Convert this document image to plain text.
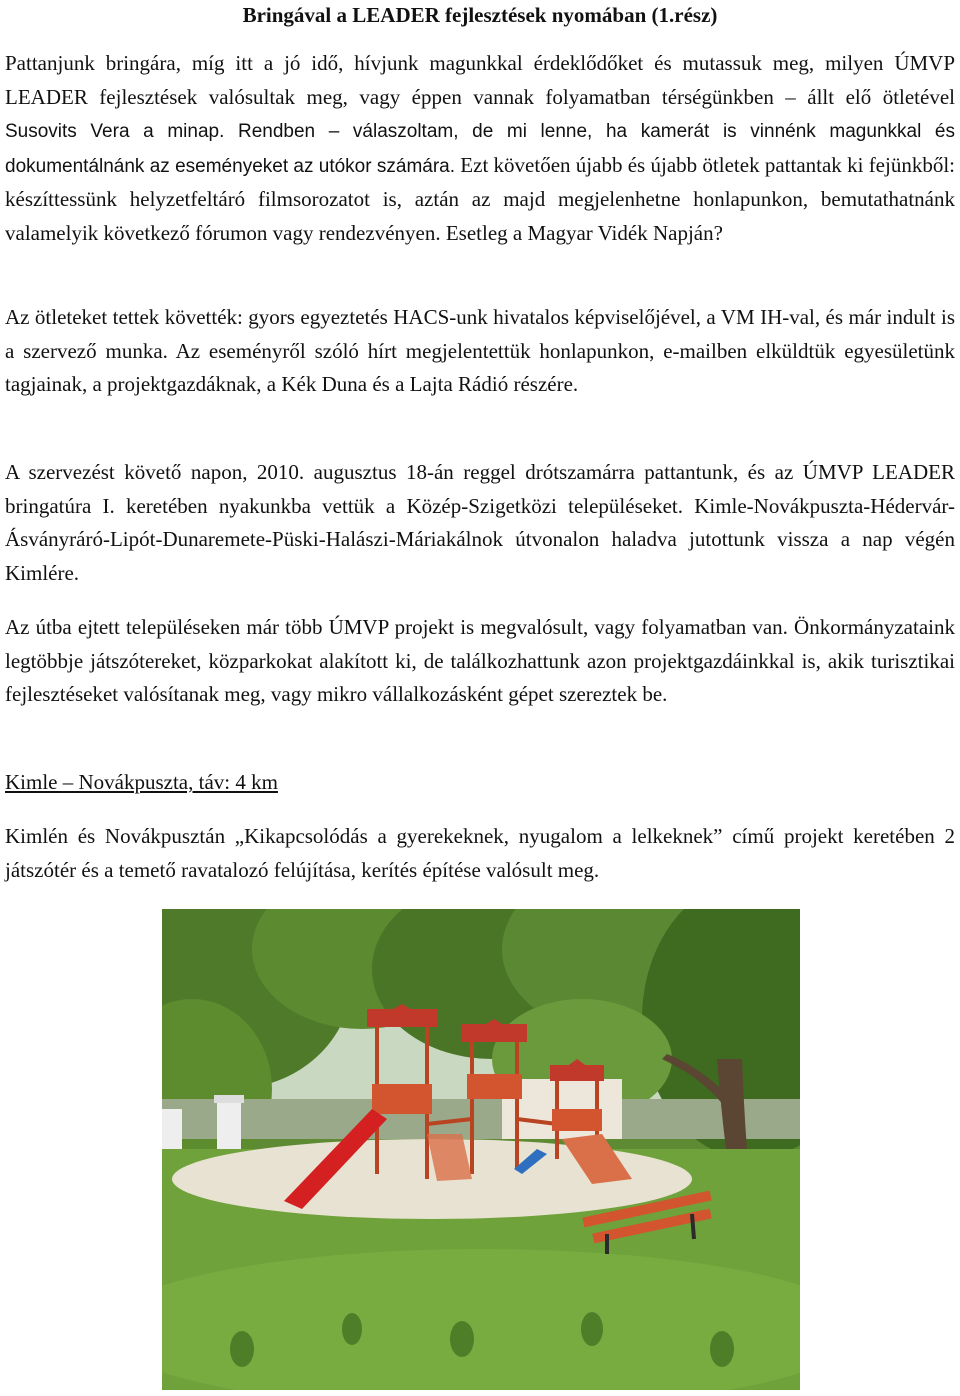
Bringával a LEADER fejlesztések nyomában (1.rész)

Pattanjunk bringára, míg itt a jó idő, hívjunk magunkkal érdeklődőket és mutassuk meg, milyen ÚMVP LEADER fejlesztések valósultak meg, vagy éppen vannak folyamatban térségünkben – állt elő ötletével Susovits Vera a minap. Rendben – válaszoltam, de mi lenne, ha kamerát is vinnénk magunkkal és dokumentálnánk az eseményeket az utókor számára. Ezt követően újabb és újabb ötletek pattantak ki fejünkből: készíttessünk helyzetfeltáró filmsorozatot is, aztán az majd megjelenhetne honlapunkon, bemutathatnánk valamelyik következő fórumon vagy rendezvényen. Esetleg a Magyar Vidék Napján?

Az ötleteket tettek követték: gyors egyeztetés HACS-unk hivatalos képviselőjével, a VM IH-val, és már indult is a szervező munka. Az eseményről szóló hírt megjelentettük honlapunkon, e-mailben elküldtük egyesületünk tagjainak, a projektgazdáknak, a Kék Duna és a Lajta Rádió részére.

A szervezést követő napon, 2010. augusztus 18-án reggel drótszamárra pattantunk, és az ÚMVP LEADER bringatúra I. keretében nyakunkba vettük a Közép-Szigetközi településeket. Kimle-Novákpuszta-Hédervár-Ásványráró-Lipót-Dunaremete-Püski-Halászi-Máriakálnok útvonalon haladva jutottunk vissza a nap végén Kimlére.

Az útba ejtett településeken már több ÚMVP projekt is megvalósult, vagy folyamatban van. Önkormányzataink legtöbbje játszótereket, közparkokat alakított ki, de találkozhattunk azon projektgazdáinkkal is, akik turisztikai fejlesztéseket valósítanak meg, vagy mikro vállalkozásként gépet szereztek be.

Kimle – Novákpuszta, táv: 4 km

Kimlén és Novákpusztán „Kikapcsolódás a gyerekeknek, nyugalom a lelkeknek” című projekt keretében 2 játszótér és a temető ravatalozó felújítása, kerítés építése valósult meg.
